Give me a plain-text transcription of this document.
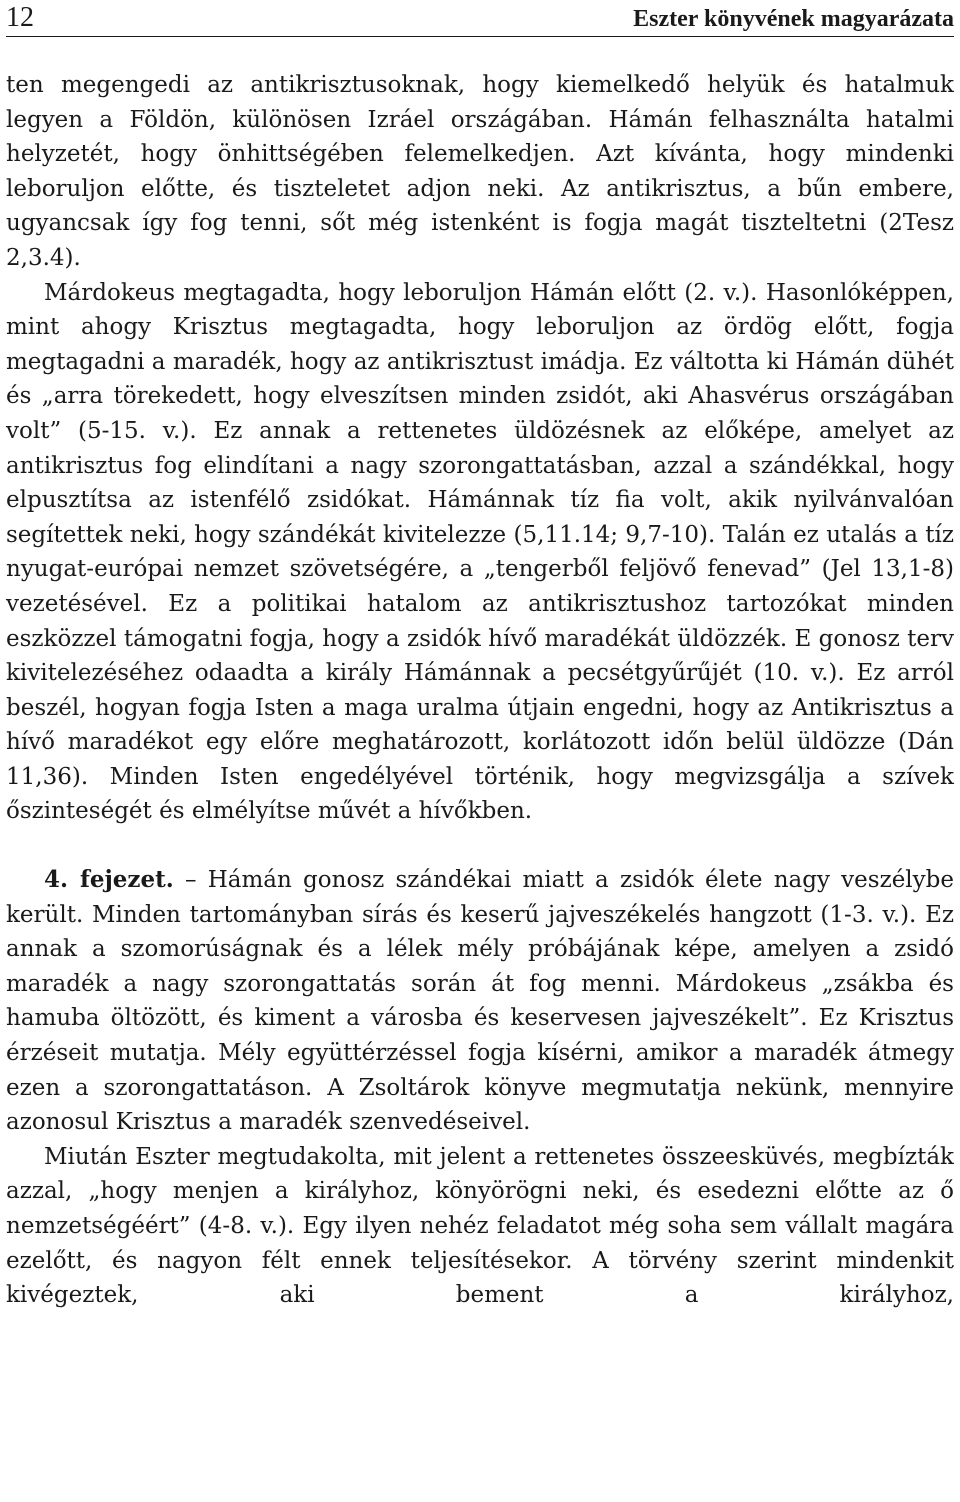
12	Eszter könyvének magyarázata

ten megengedi az antikrisztusoknak, hogy kiemelkedő helyük és hatalmuk legyen a Földön, különösen Izráel országában. Hámán felhasználta hatalmi helyzetét, hogy önhittségében felemelkedjen. Azt kívánta, hogy mindenki leboruljon előtte, és tiszteletet adjon neki. Az antikrisztus, a bűn embere, ugyancsak így fog tenni, sőt még istenként is fogja magát tiszteltetni (2Tesz 2,3.4).

Márdokeus megtagadta, hogy leboruljon Hámán előtt (2. v.). Hasonlóképpen, mint ahogy Krisztus megtagadta, hogy leboruljon az ördög előtt, fogja megtagadni a maradék, hogy az antikrisztust imádja. Ez váltotta ki Hámán dühét és „arra törekedett, hogy elveszítsen minden zsidót, aki Ahasvérus országában volt” (5-15. v.). Ez annak a rettenetes üldözésnek az előképe, amelyet az antikrisztus fog elindítani a nagy szorongattatásban, azzal a szándékkal, hogy elpusztítsa az istenfélő zsidókat. Hámánnak tíz fia volt, akik nyilvánvalóan segítettek neki, hogy szándékát kivitelezze (5,11.14; 9,7-10). Talán ez utalás a tíz nyugat-európai nemzet szövetségére, a „tengerből feljövő fenevad” (Jel 13,1-8) vezetésével. Ez a politikai hatalom az antikrisztushoz tartozókat minden eszközzel támogatni fogja, hogy a zsidók hívő maradékát üldözzék. E gonosz terv kivitelezéséhez odaadta a király Hámánnak a pecsétgyűrűjét (10. v.). Ez arról beszél, hogyan fogja Isten a maga uralma útjain engedni, hogy az Antikrisztus a hívő maradékot egy előre meghatározott, korlátozott időn belül üldözze (Dán 11,36). Minden Isten engedélyével történik, hogy megvizsgálja a szívek őszinteségét és elmélyítse művét a hívőkben.

4. fejezet. – Hámán gonosz szándékai miatt a zsidók élete nagy veszélybe került. Minden tartományban sírás és keserű jajveszékelés hangzott (1-3. v.). Ez annak a szomorúságnak és a lélek mély próbájának képe, amelyen a zsidó maradék a nagy szorongattatás során át fog menni. Márdokeus „zsákba és hamuba öltözött, és kiment a városba és keservesen jajveszékelt”. Ez Krisztus érzéseit mutatja. Mély együttérzéssel fogja kísérni, amikor a maradék átmegy ezen a szorongattatáson. A Zsoltárok könyve megmutatja nekünk, mennyire azonosul Krisztus a maradék szenvedéseivel.

Miután Eszter megtudakolta, mit jelent a rettenetes összeesküvés, megbízták azzal, „hogy menjen a királyhoz, könyörögni neki, és esedezni előtte az ő nemzetségéért” (4-8. v.). Egy ilyen nehéz feladatot még soha sem vállalt magára ezelőtt, és nagyon félt ennek teljesítésekor. A törvény szerint mindenkit kivégeztek, aki bement a királyhoz,
